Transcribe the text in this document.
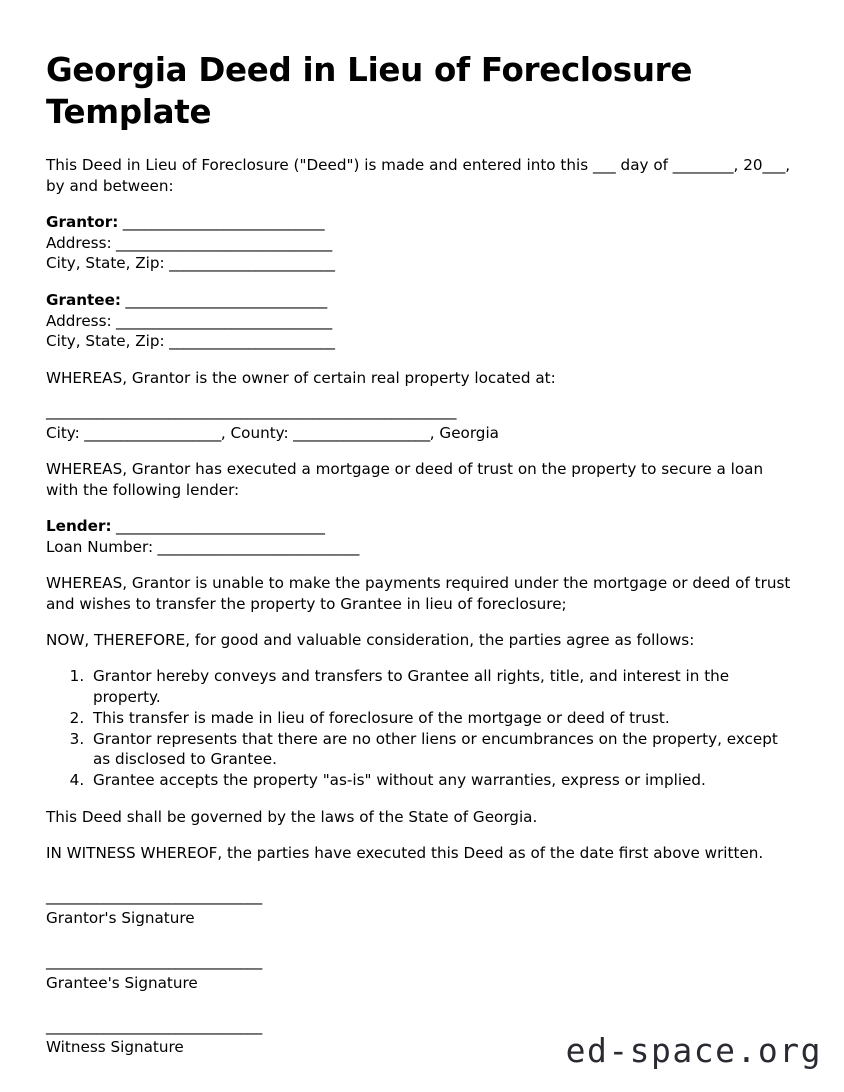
Georgia Deed in Lieu of Foreclosure Template

This Deed in Lieu of Foreclosure ("Deed") is made and entered into this ___ day of ________, 20___, by and between:

Grantor: ____________________________
Address: ______________________________
City, State, Zip: _______________________
Grantee: ____________________________
Address: ______________________________
City, State, Zip: _______________________

WHEREAS, Grantor is the owner of certain real property located at:

_________________________________________________________
City: ___________________, County: ___________________, Georgia

WHEREAS, Grantor has executed a mortgage or deed of trust on the property to secure a loan with the following lender:

Lender: _____________________________
Loan Number: ____________________________

WHEREAS, Grantor is unable to make the payments required under the mortgage or deed of trust and wishes to transfer the property to Grantee in lieu of foreclosure;

NOW, THEREFORE, for good and valuable consideration, the parties agree as follows:

1. Grantor hereby conveys and transfers to Grantee all rights, title, and interest in the property.
2. This transfer is made in lieu of foreclosure of the mortgage or deed of trust.
3. Grantor represents that there are no other liens or encumbrances on the property, except as disclosed to Grantee.
4. Grantee accepts the property "as-is" without any warranties, express or implied.

This Deed shall be governed by the laws of the State of Georgia.

IN WITNESS WHEREOF, the parties have executed this Deed as of the date first above written.

______________________________
Grantor's Signature
______________________________
Grantee's Signature
______________________________
Witness Signature	ed-space.org
